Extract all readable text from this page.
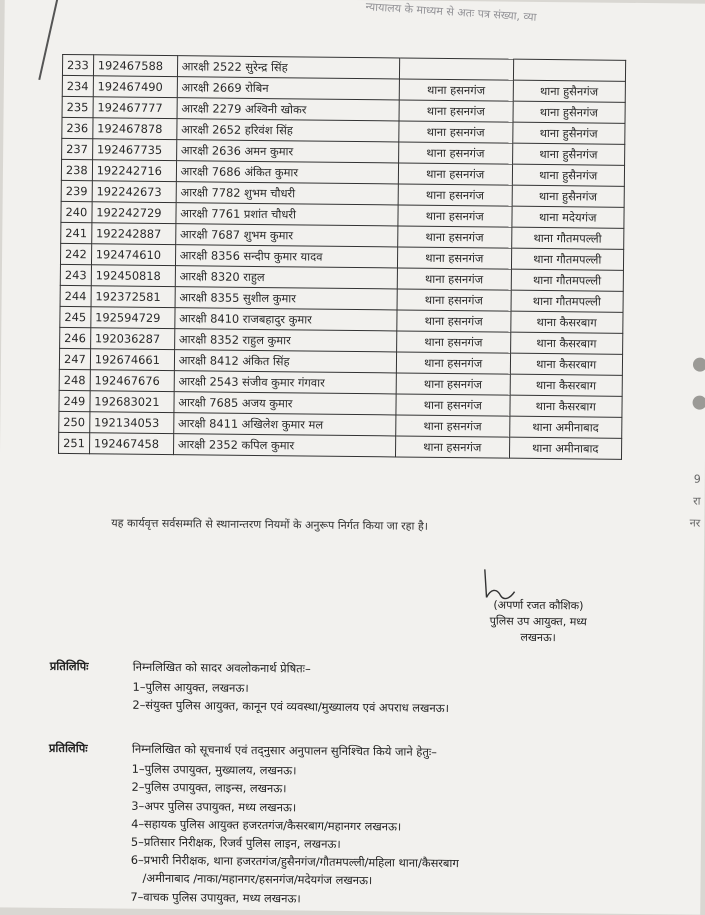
न्यायालय के माध्यम से अतः पत्र संख्या, व्या
233	192467588	आरक्षी 2522 सुरेन्द्र सिंह		
234	192467490	आरक्षी 2669 रोबिन	थाना हसनगंज	थाना हुसैनगंज
235	192467777	आरक्षी 2279 अश्विनी खोकर	थाना हसनगंज	थाना हुसैनगंज
236	192467878	आरक्षी 2652 हरिवंश सिंह	थाना हसनगंज	थाना हुसैनगंज
237	192467735	आरक्षी 2636 अमन कुमार	थाना हसनगंज	थाना हुसैनगंज
238	192242716	आरक्षी 7686 अंकित कुमार	थाना हसनगंज	थाना हुसैनगंज
239	192242673	आरक्षी 7782 शुभम चौधरी	थाना हसनगंज	थाना हुसैनगंज
240	192242729	आरक्षी 7761 प्रशांत चौधरी	थाना हसनगंज	थाना मदेयगंज
241	192242887	आरक्षी 7687 शुभम कुमार	थाना हसनगंज	थाना गौतमपल्ली
242	192474610	आरक्षी 8356 सन्दीप कुमार यादव	थाना हसनगंज	थाना गौतमपल्ली
243	192450818	आरक्षी 8320 राहुल	थाना हसनगंज	थाना गौतमपल्ली
244	192372581	आरक्षी 8355 सुशील कुमार	थाना हसनगंज	थाना गौतमपल्ली
245	192594729	आरक्षी 8410 राजबहादुर कुमार	थाना हसनगंज	थाना कैसरबाग
246	192036287	आरक्षी 8352 राहुल कुमार	थाना हसनगंज	थाना कैसरबाग
247	192674661	आरक्षी 8412 अंकित सिंह	थाना हसनगंज	थाना कैसरबाग
248	192467676	आरक्षी 2543 संजीव कुमार गंगवार	थाना हसनगंज	थाना कैसरबाग
249	192683021	आरक्षी 7685 अजय कुमार	थाना हसनगंज	थाना कैसरबाग
250	192134053	आरक्षी 8411 अखिलेश कुमार मल	थाना हसनगंज	थाना अमीनाबाद
251	192467458	आरक्षी 2352 कपिल कुमार	थाना हसनगंज	थाना अमीनाबाद
यह कार्यवृत्त सर्वसम्मति से स्थानान्तरण नियमों के अनुरूप निर्गत किया जा रहा है।
(अपर्णा रजत कौशिक)
पुलिस उप आयुक्त, मध्य
लखनऊ।
प्रतिलिपिः	निम्नलिखित को सादर अवलोकनार्थ प्रेषितः–
1–पुलिस आयुक्त, लखनऊ।
2–संयुक्त पुलिस आयुक्त, कानून एवं व्यवस्था/मुख्यालय एवं अपराध लखनऊ।
प्रतिलिपिः	निम्नलिखित को सूचनार्थ एवं तद्नुसार अनुपालन सुनिश्चित किये जाने हेतुः–
1–पुलिस उपायुक्त, मुख्यालय, लखनऊ।
2–पुलिस उपायुक्त, लाइन्स, लखनऊ।
3–अपर पुलिस उपायुक्त, मध्य लखनऊ।
4–सहायक पुलिस आयुक्त हजरतगंज/कैसरबाग/महानगर लखनऊ।
5–प्रतिसार निरीक्षक, रिजर्व पुलिस लाइन, लखनऊ।
6–प्रभारी निरीक्षक, थाना हजरतगंज/हुसैनगंज/गौतमपल्ली/महिला थाना/कैसरबाग
/अमीनाबाद /नाका/महानगर/हसनगंज/मदेयगंज लखनऊ।
7–वाचक पुलिस उपायुक्त, मध्य लखनऊ।
9
रा
नर
